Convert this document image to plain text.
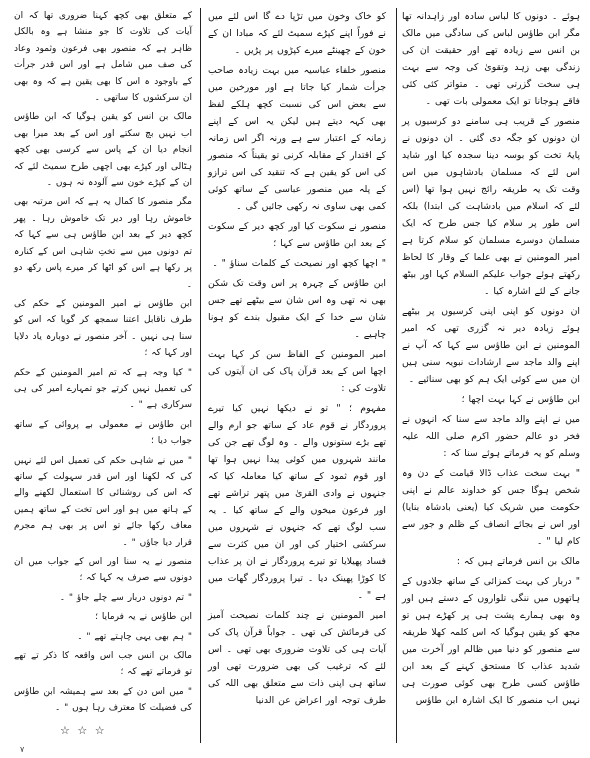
ہوئے ۔ دونوں کا لباس سادہ اور زاہدانہ تھا مگر ابن طاؤس لباس کی سادگی میں مالک بن انس سے زیادہ تھے اور حقیقت ان کی زندگی بھی زہد وتقویٰ کی وجہ سے بہت ہی سخت گزرتی تھی ۔ متواتر کئی کئی فاقے ہوجانا تو ایک معمولی بات تھی ۔

منصور کے قریب ہی سامنے دو کرسیوں پر ان دونوں کو جگہ دی گئی ۔ ان دونوں نے پایۂ تخت کو بوسہ دینا سجدہ کیا اور شاید اس لئے کہ مسلمان بادشاہوں میں اس وقت تک یہ طریقہ رائج نہیں ہوا تھا (اس لئے کہ اسلام میں بادشاہت کی ابتدا) بلکہ اس طور پر سلام کیا جس طرح کہ ایک مسلمان دوسرے مسلمان کو سلام کرتا ہے امیر المومنین نے بھی علما کے وقار کا لحاظ رکھتے ہوئے جواب علیکم السلام کہا اور بیٹھ جانے کے لئے اشارہ کیا ۔

ان دونوں کو اپنی اپنی کرسیوں پر بیٹھے ہوئے زیادہ دیر نہ گزری تھی کہ امیر المومنین نے ابن طاؤس سے کہا کہ آپ نے اپنے والد ماجد سے ارشادات نبویہ سنی ہیں ان میں سے کوئی ایک ہم کو بھی سنائیے ۔

ابن طاؤس نے کہا بہت اچھا ؛

میں نے اپنے والد ماجد سے سنا کہ انہوں نے فخر دو عالم حضور اکرم صلی اللہ علیہ وسلم کو یہ فرماتے ہوئے سنا کہ :

" بہت سخت عذاب ڈالا قیامت کے دن وہ شخص ہوگا جس کو خداوند عالم نے اپنی حکومت میں شریک کیا (یعنی بادشاہ بنایا) اور اس نے بجائے انصاف کے ظلم و جور سے کام لیا " ۔

مالک بن انس فرماتے ہیں کہ :

" دربار کی بہت کمزائی کے ساتھ جلادوں کے ہاتھوں میں ننگی تلواروں کے دستے ہیں اور وہ بھی ہمارے پشت ہی پر کھڑے ہیں تو مجھ کو یقین ہوگیا کہ اس کلمہ کھلا طریقہ سے منصور کو دنیا میں ظالم اور آخرت میں شدید عذاب کا مستحق کہنے کے بعد ابن طاؤس کسی طرح بھی کوئی صورت ہی نہیں اب منصور کا ایک اشارہ ابن طاؤس

کو خاک وخون میں تڑپا دے گا اس لئے میں نے فوراً اپنے کپڑے سمیٹ لئے کہ مبادا ان کے خون کے چھینٹے میرے کپڑوں پر پڑیں ۔

منصور خلفاء عباسیہ میں بہت زیادہ صاحب جرأت شمار کیا جاتا ہے اور مورخین میں سے بعض اس کی نسبت کچھ ہلکے لفظ بھی کہہ دیتے ہیں لیکن یہ اس کے اپنے زمانہ کے اعتبار سے ہے ورنہ اگر اس زمانہ کے اقتدار کے مقابلہ کرنی تو یقیناً کہ منصور کی اس کو یقین ہے کہ تنقید کی اس ترازو کے پلہ میں منصور عباسی کے ساتھ کوئی کمی بھی ساوی نہ رکھی جائیں گی ۔

منصور نے سکوت کیا اور کچھ دیر کے سکوت کے بعد ابن طاؤس سے کہا ؛

" اچھا کچھ اور نصیحت کے کلمات سناؤ " ۔

ابن طاؤس کے چہرہ پر اس وقت تک شکن بھی نہ تھی وہ اس شان سے بیٹھے تھے جس شان سے خدا کے ایک مقبول بندے کو ہونا چاہیے ۔

امیر المومنین کے الفاظ سن کر کہا بہت اچھا اس کے بعد قرآن پاک کی ان آیتوں کی تلاوت کی :

مفہوم ؛ " تو نے دیکھا نہیں کیا تیرے پروردگار نے قوم عاد کے ساتھ جو ارم والے تھے بڑے ستونوں والے ۔ وہ لوگ تھے جن کی مانند شہروں میں کوئی پیدا نہیں ہوا تھا اور قوم ثمود کے ساتھ کیا معاملہ کیا کہ جنہوں نے وادی القریٰ میں پتھر تراشے تھے اور فرعون میخوں والے کے ساتھ کیا ۔ یہ سب لوگ تھے کہ جنہوں نے شہروں میں سرکشی اختیار کی اور ان میں کثرت سے فساد پھیلایا تو تیرے پروردگار نے ان پر عذاب کا کوڑا پھینک دیا ۔ تیرا پروردگار گھات میں ہے " ۔

امیر المومنین نے چند کلمات نصیحت آمیز کی فرمائش کی تھی ۔ جواباً قرآن پاک کی آیات ہی کی تلاوت ضروری بھی تھی ۔ اس لئے کہ ترغیب کی بھی ضرورت تھی اور ساتھ ہی اپنی ذات سے متعلق بھی اللہ کی طرف توجہ اور اعراض عن الدنیا

کے متعلق بھی کچھ کہنا ضروری تھا کہ ان آیات کی تلاوت کا جو منشا ہے وہ بالکل ظاہر ہے کہ منصور بھی فرعون وثمود وعاد کی صف میں شامل ہے اور اس قدر جرأت کے باوجود ہ اس کا بھی یقین ہے کہ وہ بھی ان سرکشوں کا ساتھی ۔

مالک بن انس کو یقین ہوگیا کہ ابن طاؤس اب نہیں بچ سکتے اور اس کے بعد میرا بھی انجام دیا ان کے پاس سے کرسی بھی کچھ ہٹالی اور کپڑے بھی اچھی طرح سمیٹ لئے کہ ان کے کپڑے خون سے آلودہ نہ ہوں ۔

مگر منصور کا کمال یہ ہے کہ اس مرتبہ بھی خاموش رہا اور دیر تک خاموش رہا ۔ پھر کچھ دیر کے بعد ابن طاؤس ہی سے کہا کہ تم دونوں میں سے تختِ شاہی اس کے کنارہ پر رکھا ہے اس کو اٹھا کر میرے پاس رکھ دو ۔

ابن طاؤس نے امیر المومنین کے حکم کی طرف ناقابل اعتنا سمجھ کر گویا کہ اس کو سنا ہی نہیں ۔ آخر منصور نے دوبارہ یاد دلایا اور کہا کہ ؛

" کیا وجہ ہے کہ تم امیر المومنین کے حکم کی تعمیل نہیں کرتے جو تمہارے امیر کی ہی سرکاری ہے " ۔

ابن طاؤس نے معمولی بے پروائی کے ساتھ جواب دیا ؛

" میں نے شاہی حکم کی تعمیل اس لئے نہیں کی کہ لکھنا اور اس قدر سہولت کے ساتھ کہ اس کی روشنائی کا استعمال لکھنے والے کے ہاتھ میں ہو اور اس تخت کے ساتھ ہمیں معاف رکھا جائے تو اس پر بھی ہم مجرم قرار دیا جاؤں " ۔

منصور نے یہ سنا اور اس کے جواب میں ان دونوں سے صرف یہ کہا کہ ؛

" تم دونوں دربار سے چلے جاؤ " ۔

ابن طاؤس نے یہ فرمایا ؛

" ہم بھی یہی چاہتے تھے " ۔

مالک بن انس جب اس واقعہ کا ذکر تے تھے تو فرماتے تھے کہ ؛

" میں اس دن کے بعد سے ہمیشہ ابن طاؤس کی فضیلت کا معترف رہا ہوں " ۔

☆ ☆ ☆
۷
